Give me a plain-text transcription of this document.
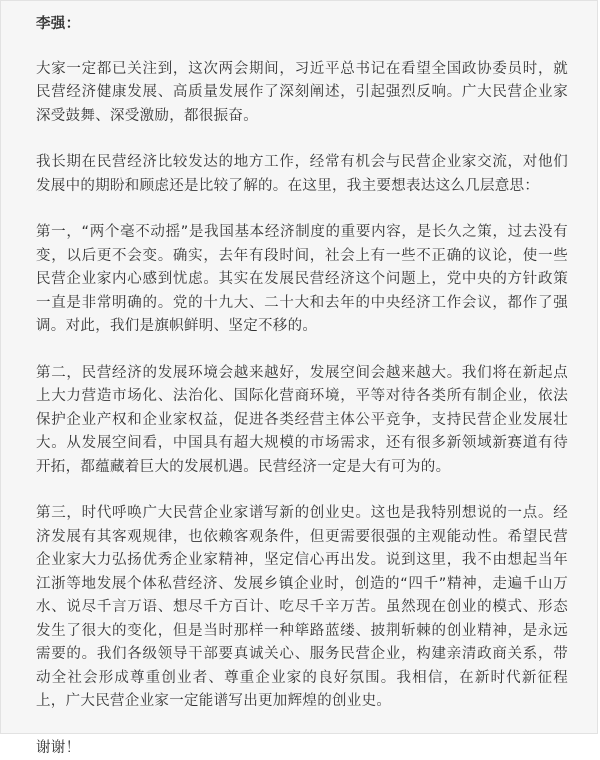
李强：

大家一定都已关注到，这次两会期间，习近平总书记在看望全国政协委员时，就民营经济健康发展、高质量发展作了深刻阐述，引起强烈反响。广大民营企业家深受鼓舞、深受激励，都很振奋。

我长期在民营经济比较发达的地方工作，经常有机会与民营企业家交流，对他们发展中的期盼和顾虑还是比较了解的。在这里，我主要想表达这么几层意思：

第一，“两个毫不动摇”是我国基本经济制度的重要内容，是长久之策，过去没有变，以后更不会变。确实，去年有段时间，社会上有一些不正确的议论，使一些民营企业家内心感到忧虑。其实在发展民营经济这个问题上，党中央的方针政策一直是非常明确的。党的十九大、二十大和去年的中央经济工作会议，都作了强调。对此，我们是旗帜鲜明、坚定不移的。

第二，民营经济的发展环境会越来越好，发展空间会越来越大。我们将在新起点上大力营造市场化、法治化、国际化营商环境，平等对待各类所有制企业，依法保护企业产权和企业家权益，促进各类经营主体公平竞争，支持民营企业发展壮大。从发展空间看，中国具有超大规模的市场需求，还有很多新领域新赛道有待开拓，都蕴藏着巨大的发展机遇。民营经济一定是大有可为的。

第三，时代呼唤广大民营企业家谱写新的创业史。这也是我特别想说的一点。经济发展有其客观规律，也依赖客观条件，但更需要很强的主观能动性。希望民营企业家大力弘扬优秀企业家精神，坚定信心再出发。说到这里，我不由想起当年江浙等地发展个体私营经济、发展乡镇企业时，创造的“四千”精神，走遍千山万水、说尽千言万语、想尽千方百计、吃尽千辛万苦。虽然现在创业的模式、形态发生了很大的变化，但是当时那样一种筚路蓝缕、披荆斩棘的创业精神，是永远需要的。我们各级领导干部要真诚关心、服务民营企业，构建亲清政商关系，带动全社会形成尊重创业者、尊重企业家的良好氛围。我相信，在新时代新征程上，广大民营企业家一定能谱写出更加辉煌的创业史。

谢谢！
